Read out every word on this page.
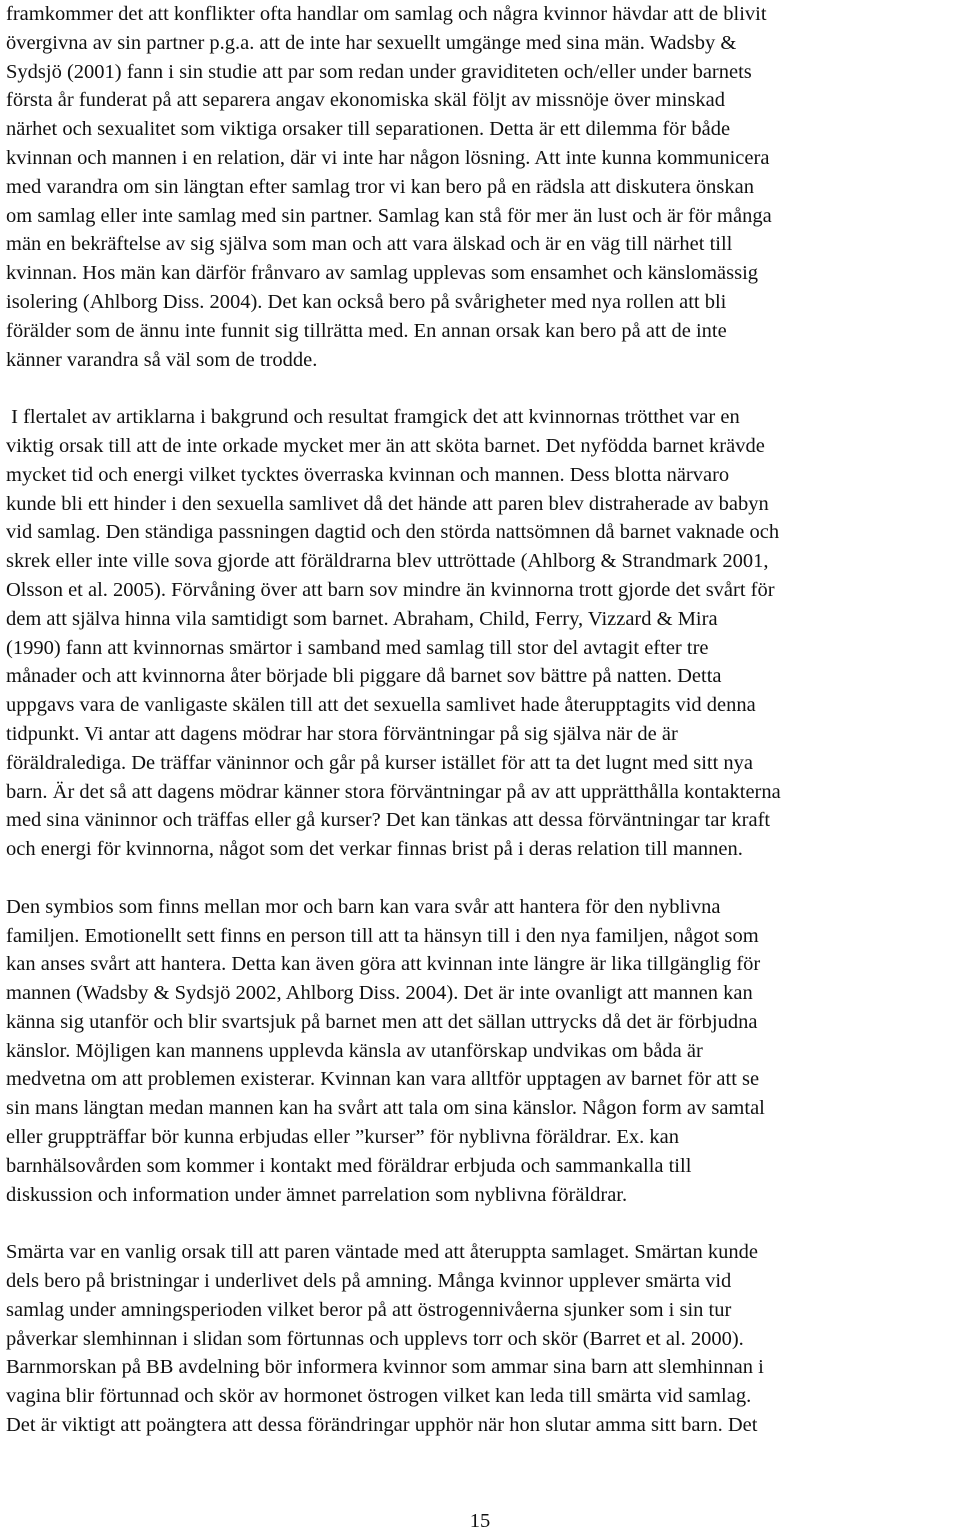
framkommer det att konflikter ofta handlar om samlag och några kvinnor hävdar att de blivit
övergivna av sin partner p.g.a. att de inte har sexuellt umgänge med sina män. Wadsby &
Sydsjö (2001) fann i sin studie att par som redan under graviditeten och/eller under barnets
första år funderat på att separera angav ekonomiska skäl följt av missnöje över minskad
närhet och sexualitet som viktiga orsaker till separationen. Detta är ett dilemma för både
kvinnan och mannen i en relation, där vi inte har någon lösning. Att inte kunna kommunicera
med varandra om sin längtan efter samlag tror vi kan bero på en rädsla att diskutera önskan
om samlag eller inte samlag med sin partner. Samlag kan stå för mer än lust och är för många
män en bekräftelse av sig själva som man och att vara älskad och är en väg till närhet till
kvinnan. Hos män kan därför frånvaro av samlag upplevas som ensamhet och känslomässig
isolering (Ahlborg Diss. 2004). Det kan också bero på svårigheter med nya rollen att bli
förälder som de ännu inte funnit sig tillrätta med. En annan orsak kan bero på att de inte
känner varandra så väl som de trodde.
I flertalet av artiklarna i bakgrund och resultat framgick det att kvinnornas trötthet var en
viktig orsak till att de inte orkade mycket mer än att sköta barnet. Det nyfödda barnet krävde
mycket tid och energi vilket tycktes överraska kvinnan och mannen. Dess blotta närvaro
kunde bli ett hinder i den sexuella samlivet då det hände att paren blev distraherade av babyn
vid samlag. Den ständiga passningen dagtid och den störda nattsömnen då barnet vaknade och
skrek eller inte ville sova gjorde att föräldrarna blev uttröttade (Ahlborg & Strandmark 2001,
Olsson et al. 2005). Förvåning över att barn sov mindre än kvinnorna trott gjorde det svårt för
dem att själva hinna vila samtidigt som barnet. Abraham, Child, Ferry, Vizzard & Mira
(1990) fann att kvinnornas smärtor i samband med samlag till stor del avtagit efter tre
månader och att kvinnorna åter började bli piggare då barnet sov bättre på natten. Detta
uppgavs vara de vanligaste skälen till att det sexuella samlivet hade återupptagits vid denna
tidpunkt. Vi antar att dagens mödrar har stora förväntningar på sig själva när de är
föräldralediga. De träffar väninnor och går på kurser istället för att ta det lugnt med sitt nya
barn. Är det så att dagens mödrar känner stora förväntningar på av att upprätthålla kontakterna
med sina väninnor och träffas eller gå kurser? Det kan tänkas att dessa förväntningar tar kraft
och energi för kvinnorna, något som det verkar finnas brist på i deras relation till mannen.
Den symbios som finns mellan mor och barn kan vara svår att hantera för den nyblivna
familjen. Emotionellt sett finns en person till att ta hänsyn till i den nya familjen, något som
kan anses svårt att hantera. Detta kan även göra att kvinnan inte längre är lika tillgänglig för
mannen (Wadsby & Sydsjö 2002, Ahlborg Diss. 2004). Det är inte ovanligt att mannen kan
känna sig utanför och blir svartsjuk på barnet men att det sällan uttrycks då det är förbjudna
känslor. Möjligen kan mannens upplevda känsla av utanförskap undvikas om båda är
medvetna om att problemen existerar. Kvinnan kan vara alltför upptagen av barnet för att se
sin mans längtan medan mannen kan ha svårt att tala om sina känslor. Någon form av samtal
eller gruppträffar bör kunna erbjudas eller ”kurser” för nyblivna föräldrar. Ex. kan
barnhälsovården som kommer i kontakt med föräldrar erbjuda och sammankalla till
diskussion och information under ämnet parrelation som nyblivna föräldrar.
Smärta var en vanlig orsak till att paren väntade med att återuppta samlaget. Smärtan kunde
dels bero på bristningar i underlivet dels på amning. Många kvinnor upplever smärta vid
samlag under amningsperioden vilket beror på att östrogennivåerna sjunker som i sin tur
påverkar slemhinnan i slidan som förtunnas och upplevs torr och skör (Barret et al. 2000).
Barnmorskan på BB avdelning bör informera kvinnor som ammar sina barn att slemhinnan i
vagina blir förtunnad och skör av hormonet östrogen vilket kan leda till smärta vid samlag.
Det är viktigt att poängtera att dessa förändringar upphör när hon slutar amma sitt barn. Det
15
